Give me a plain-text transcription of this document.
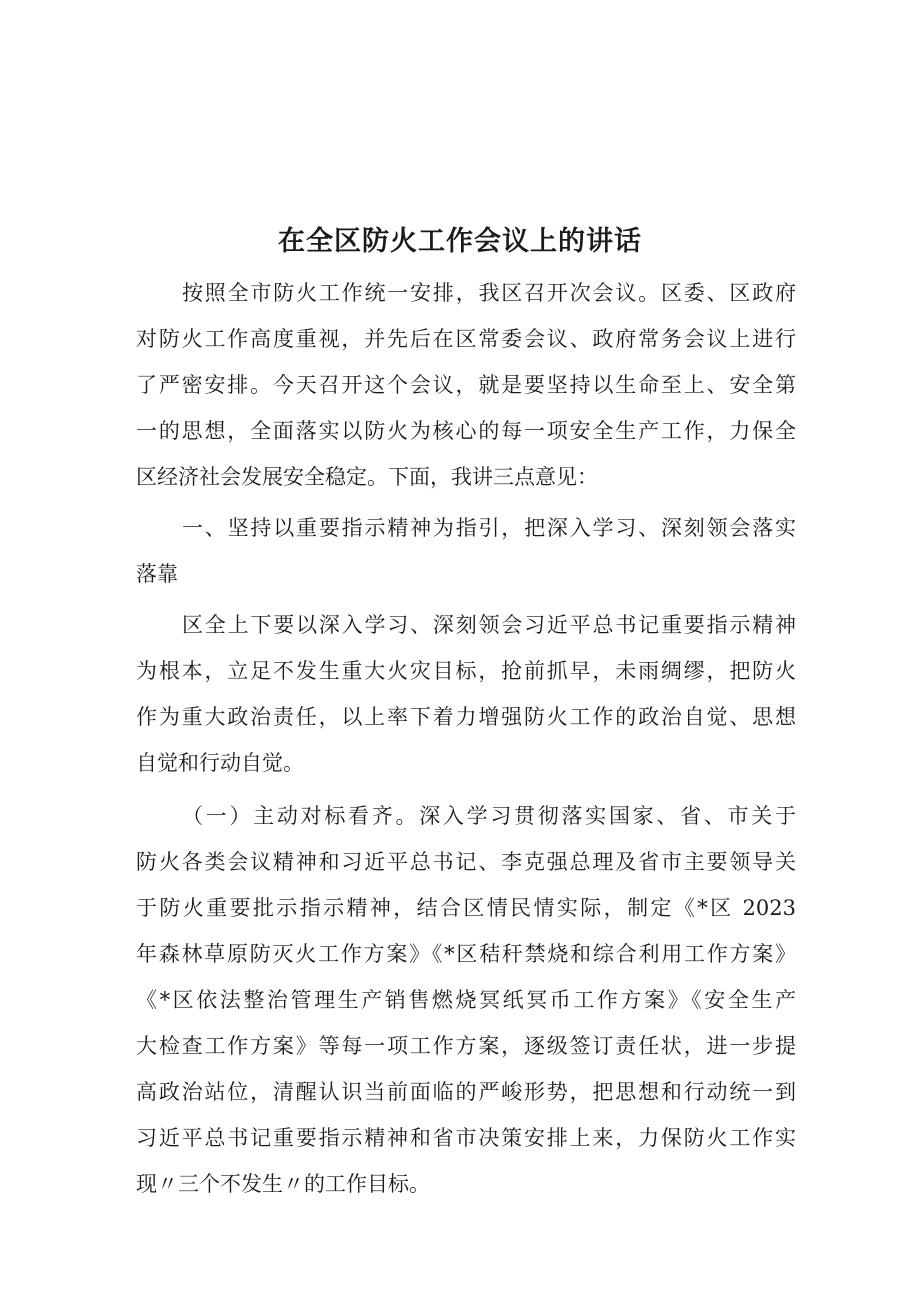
在全区防火工作会议上的讲话
按照全市防火工作统一安排，我区召开次会议。区委、区政府
对防火工作高度重视，并先后在区常委会议、政府常务会议上进行
了严密安排。今天召开这个会议，就是要坚持以生命至上、安全第
一的思想，全面落实以防火为核心的每一项安全生产工作，力保全
区经济社会发展安全稳定。下面，我讲三点意见：
一、坚持以重要指示精神为指引，把深入学习、深刻领会落实
落靠
区全上下要以深入学习、深刻领会习近平总书记重要指示精神
为根本，立足不发生重大火灾目标，抢前抓早，未雨绸缪，把防火
作为重大政治责任，以上率下着力增强防火工作的政治自觉、思想
自觉和行动自觉。
（一）主动对标看齐。深入学习贯彻落实国家、省、市关于
防火各类会议精神和习近平总书记、李克强总理及省市主要领导关
于防火重要批示指示精神，结合区情民情实际，制定《*区 2023
年森林草原防灭火工作方案》《*区秸秆禁烧和综合利用工作方案》
《*区依法整治管理生产销售燃烧冥纸冥币工作方案》《安全生产
大检查工作方案》等每一项工作方案，逐级签订责任状，进一步提
高政治站位，清醒认识当前面临的严峻形势，把思想和行动统一到
习近平总书记重要指示精神和省市决策安排上来，力保防火工作实
现〃三个不发生〃的工作目标。
